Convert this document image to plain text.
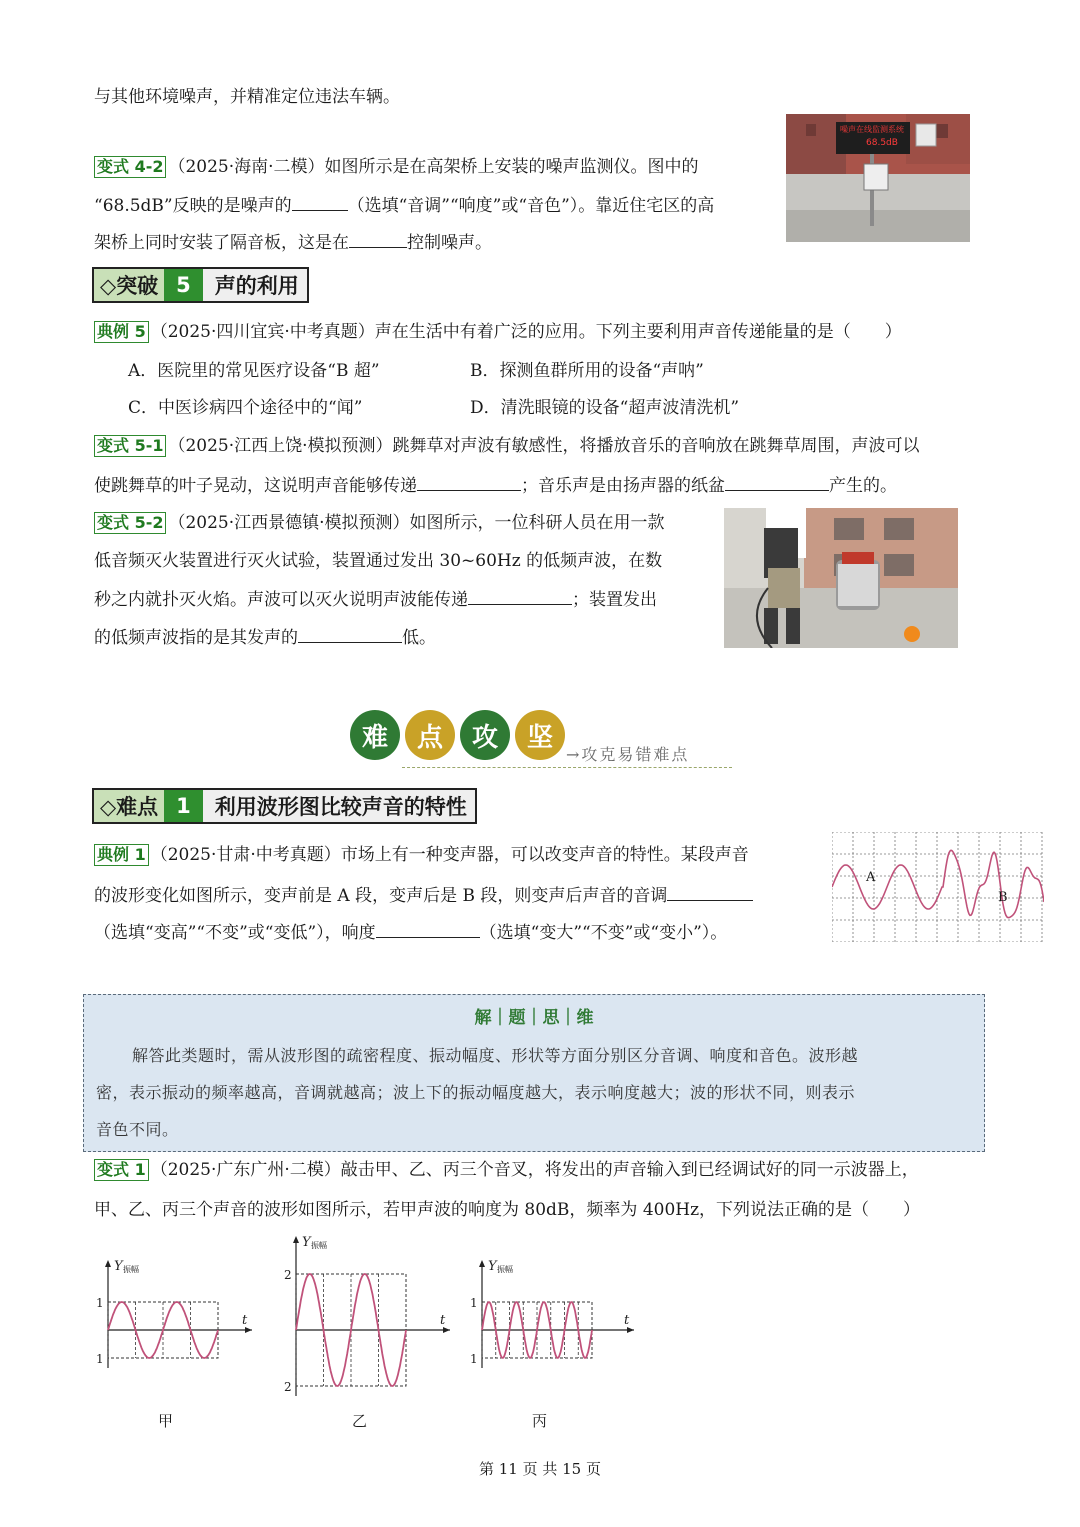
与其他环境噪声，并精准定位违法车辆。
变式 4-2 （2025·海南·二模）如图所示是在高架桥上安装的噪声监测仪。图中的
“68.5dB”反映的是噪声的	（选填“音调”“响度”或“音色”）。靠近住宅区的高
架桥上同时安装了隔音板，这是在	控制噪声。
噪声在线监测系统
68.5dB
◇突破 5	声的利用
典例 5 （2025·四川宜宾·中考真题）声在生活中有着广泛的应用。下列主要利用声音传递能量的是（　　）
A．医院里的常见医疗设备“B 超”	B．探测鱼群所用的设备“声呐”
C．中医诊病四个途径中的“闻”	D．清洗眼镜的设备“超声波清洗机”
变式 5-1 （2025·江西上饶·模拟预测）跳舞草对声波有敏感性，将播放音乐的音响放在跳舞草周围，声波可以
使跳舞草的叶子晃动，这说明声音能够传递	；音乐声是由扬声器的纸盆	产生的。
变式 5-2 （2025·江西景德镇·模拟预测）如图所示，一位科研人员在用一款
低音频灭火装置进行灭火试验，装置通过发出 30~60Hz 的低频声波，在数
秒之内就扑灭火焰。声波可以灭火说明声波能传递	；装置发出
的低频声波指的是其发声的	低。
难	点	攻	坚
→攻克易错难点
◇难点 1	利用波形图比较声音的特性
典例 1 （2025·甘肃·中考真题）市场上有一种变声器，可以改变声音的特性。某段声音
的波形变化如图所示，变声前是 A 段，变声后是 B 段，则变声后声音的音调
（选填“变高”“不变”或“变低”），响度	（选填“变大”“不变”或“变小”）。
A
B
解｜题｜思｜维
解答此类题时，需从波形图的疏密程度、振动幅度、形状等方面分别区分音调、响度和音色。波形越
密，表示振动的频率越高，音调就越高；波上下的振动幅度越大，表示响度越大；波的形状不同，则表示
音色不同。
变式 1 （2025·广东广州·二模）敲击甲、乙、丙三个音叉，将发出的声音输入到已经调试好的同一示波器上，
甲、乙、丙三个声音的波形如图所示，若甲声波的响度为 80dB，频率为 400Hz，下列说法正确的是（　　）
Y 振幅
t
1
1
Y 振幅
t
2
2
Y 振幅
t
1
1
甲	乙	丙
第 11 页 共 15 页
